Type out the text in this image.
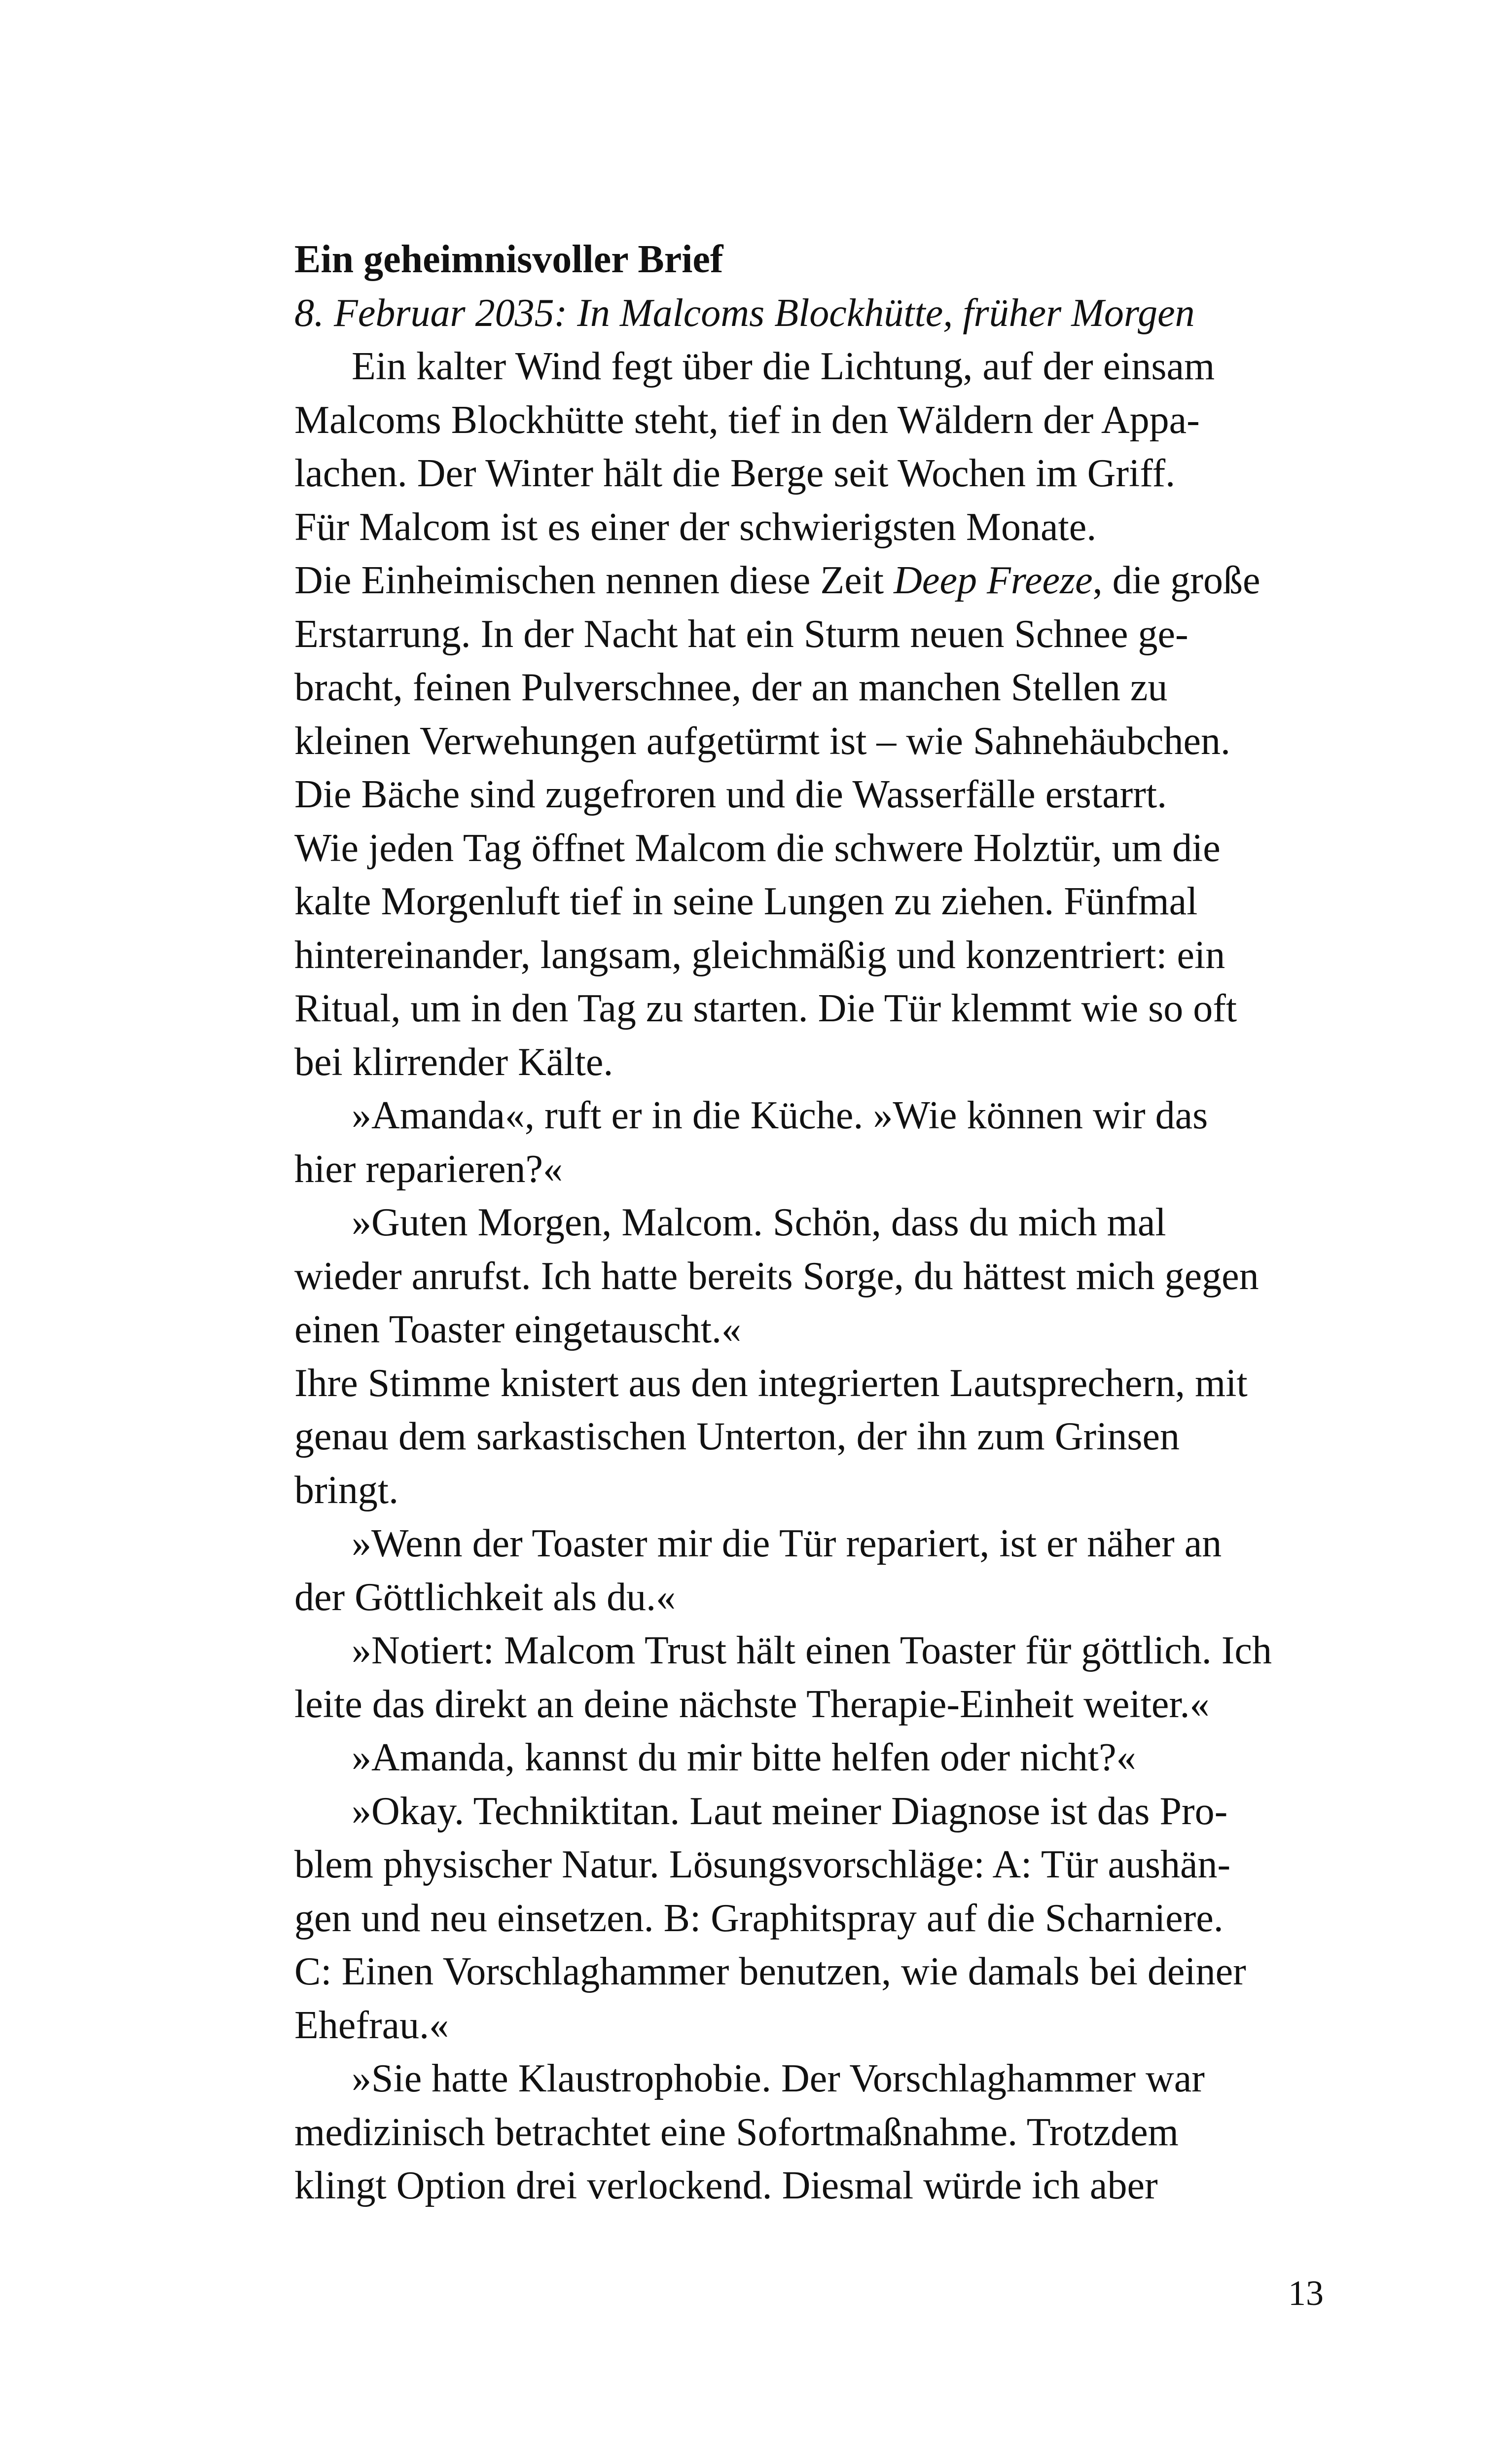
Ein geheimnisvoller Brief
8. Februar 2035: In Malcoms Blockhütte, früher Morgen
Ein kalter Wind fegt über die Lichtung, auf der einsam
Malcoms Blockhütte steht, tief in den Wäldern der Appa-
lachen. Der Winter hält die Berge seit Wochen im Griff.
Für Malcom ist es einer der schwierigsten Monate.
Die Einheimischen nennen diese Zeit Deep Freeze, die große
Erstarrung. In der Nacht hat ein Sturm neuen Schnee ge-
bracht, feinen Pulverschnee, der an manchen Stellen zu
kleinen Verwehungen aufgetürmt ist – wie Sahnehäubchen.
Die Bäche sind zugefroren und die Wasserfälle erstarrt.
Wie jeden Tag öffnet Malcom die schwere Holztür, um die
kalte Morgenluft tief in seine Lungen zu ziehen. Fünfmal
hintereinander, langsam, gleichmäßig und konzentriert: ein
Ritual, um in den Tag zu starten. Die Tür klemmt wie so oft
bei klirrender Kälte.
»Amanda«, ruft er in die Küche. »Wie können wir das
hier reparieren?«
»Guten Morgen, Malcom. Schön, dass du mich mal
wieder anrufst. Ich hatte bereits Sorge, du hättest mich gegen
einen Toaster eingetauscht.«
Ihre Stimme knistert aus den integrierten Lautsprechern, mit
genau dem sarkastischen Unterton, der ihn zum Grinsen
bringt.
»Wenn der Toaster mir die Tür repariert, ist er näher an
der Göttlichkeit als du.«
»Notiert: Malcom Trust hält einen Toaster für göttlich. Ich
leite das direkt an deine nächste Therapie-Einheit weiter.«
»Amanda, kannst du mir bitte helfen oder nicht?«
»Okay. Techniktitan. Laut meiner Diagnose ist das Pro-
blem physischer Natur. Lösungsvorschläge: A: Tür aushän-
gen und neu einsetzen. B: Graphitspray auf die Scharniere.
C: Einen Vorschlaghammer benutzen, wie damals bei deiner
Ehefrau.«
»Sie hatte Klaustrophobie. Der Vorschlaghammer war
medizinisch betrachtet eine Sofortmaßnahme. Trotzdem
klingt Option drei verlockend. Diesmal würde ich aber
13
